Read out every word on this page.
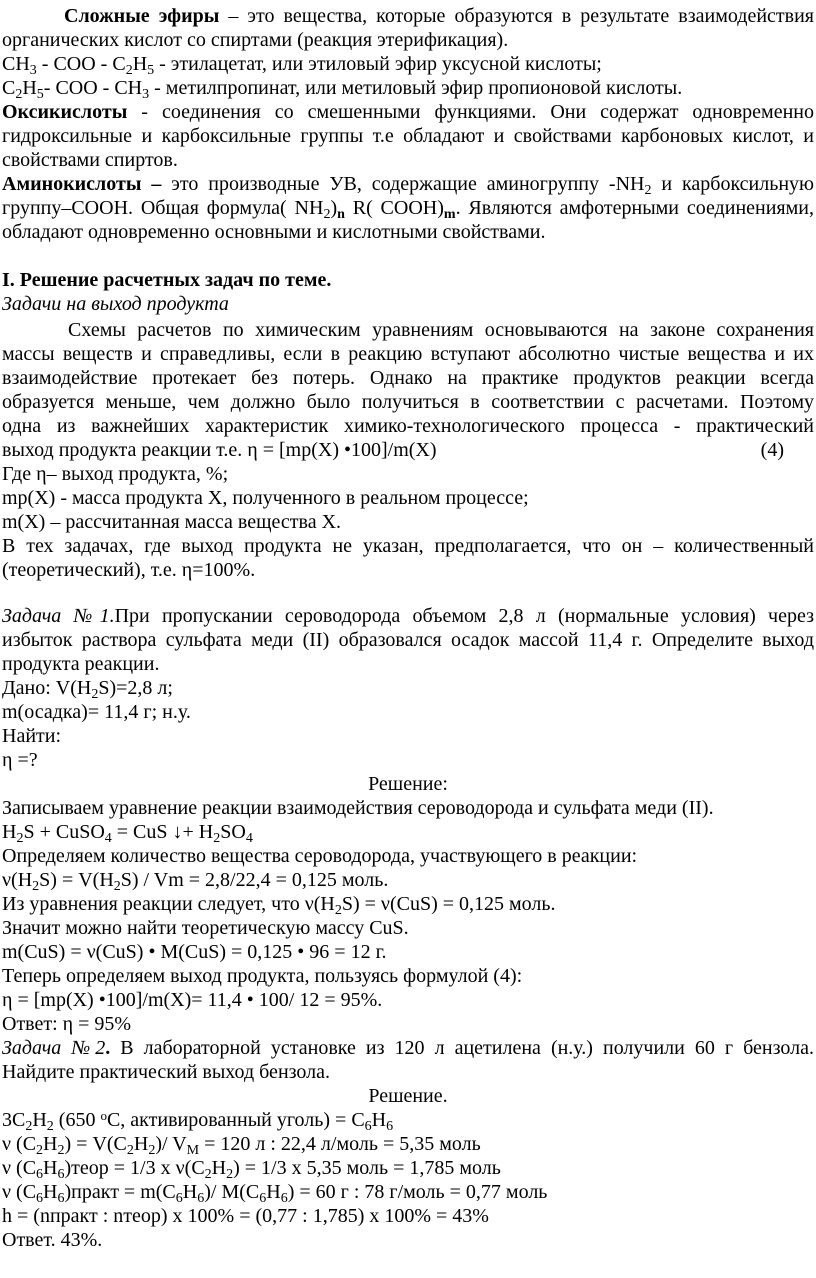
Сложные эфиры – это вещества, которые образуются в результате взаимодействия
органических кислот со спиртами (реакция этерификация).
$CH_3$ - COO - $C_2H_5$ - этилацетат, или этиловый эфир уксусной кислоты;
$C_2H_5-$ COO - $CH_3$ - метилпропинат, или метиловый эфир пропионовой кислоты.
Оксикислоты - соединения со смешенными функциями. Они содержат одновременно
гидроксильные и карбоксильные группы т.е обладают и свойствами карбоновых кислот, и
свойствами спиртов.
Аминокислоты – это производные УВ, содержащие аминогруппу $-NH_2$ и карбоксильную
группу–COOH. Общая формула( $NH_2)_n$ R( $COOH)_m$. Являются амфотерными соединениями,
обладают одновременно основными и кислотными свойствами.
I. Решение расчетных задач по теме.
Задачи на выход продукта
Схемы расчетов по химическим уравнениям основываются на законе сохранения
массы веществ и справедливы, если в реакцию вступают абсолютно чистые вещества и их
взаимодействие протекает без потерь. Однако на практике продуктов реакции всегда
образуется меньше, чем должно было получиться в соответствии с расчетами. Поэтому
одна из важнейших характеристик химико-технологического процесса - практический
выход продукта реакции т.е. η = [mр(X) •100]/m(X)	(4)
Где η– выход продукта, %;
mр(X) - масса продукта X, полученного в реальном процессе;
m(X) – рассчитанная масса вещества X.
В тех задачах, где выход продукта не указан, предполагается, что он – количественный
(теоретический), т.е. η=100%.
Задача №1.При пропускании сероводорода объемом 2,8 л (нормальные условия) через
избыток раствора сульфата меди (II) образовался осадок массой 11,4 г. Определите выход
продукта реакции.
Дано: $V(H_2S)=2,8$ л;
m(осадка)= 11,4 г; н.у.
Найти:
η =?
Решение:
Записываем уравнение реакции взаимодействия сероводорода и сульфата меди (II).
$H_2S$ + CuSO$_4$ = CuS ↓+ $H_2SO_4$
Определяем количество вещества сероводорода, участвующего в реакции:
$\nu(H_2S) = V(H_2S) / Vm = 2,8/22,4 = 0,125$ моль.
Из уравнения реакции следует, что $\nu(H_2S) = \nu(CuS) = 0,125$ моль.
Значит можно найти теоретическую массу CuS.
m(CuS) = ν(CuS) • M(CuS) = 0,125 • 96 = 12 г.
Теперь определяем выход продукта, пользуясь формулой (4):
η = [mр(X) •100]/m(X)= 11,4 • 100/ 12 = 95%.
Ответ: η = 95%
Задача №2. В лабораторной установке из 120 л ацетилена (н.у.) получили 60 г бензола.
Найдите практический выход бензола.
Решение.
$3C_2H_2$ (650 $^o$C, активированный уголь) = $C_6H_6$
ν $(C_2H_2) = V(C_2H_2)/$ $V_M = 120$ л : 22,4 л/моль = 5,35 моль
ν $(C_6H_6)теор = 1/3$ x $\nu(C_2H_2) = 1/3$ x 5,35 моль = 1,785 моль
ν $(C_6H_6)практ = m(C_6H_6)/$ $M(C_6H_6) = 60$ г : 78 г/моль = 0,77 моль
h = (nпракт : nтеор) x 100% = (0,77 : 1,785) x 100% = 43%
Ответ. 43%.
